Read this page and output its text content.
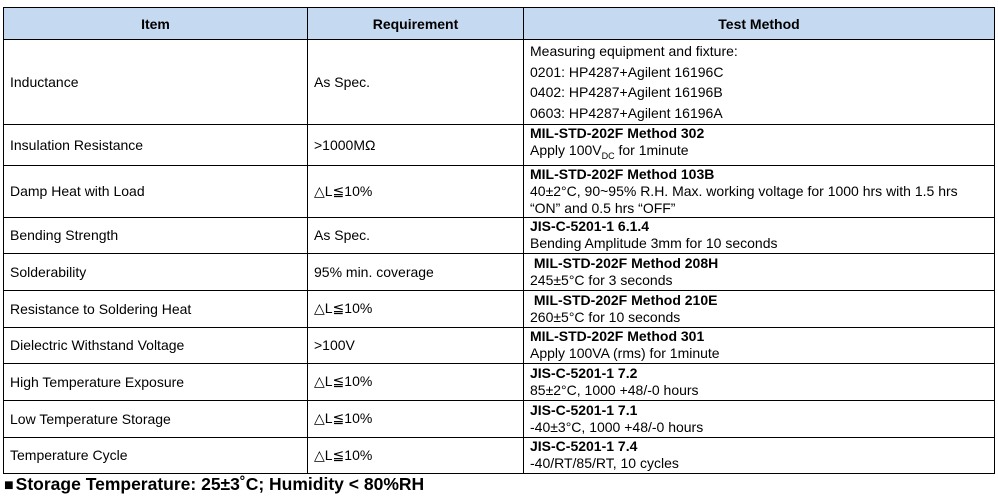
Item	Requirement	Test Method
Inductance	As Spec.	Measuring equipment and fixture:
0201: HP4287+Agilent 16196C
0402: HP4287+Agilent 16196B
0603: HP4287+Agilent 16196A

Insulation Resistance	>1000MΩ	MIL-STD-202F Method 302
Apply $100V_{DC}$ for 1minute

Damp Heat with Load	△L≦10%	MIL-STD-202F Method 103B
40±2°C, 90~95% R.H. Max. working voltage for 1000 hrs with 1.5 hrs “ON” and 0.5 hrs “OFF”

Bending Strength	As Spec.	JIS-C-5201-1 6.1.4
Bending Amplitude 3mm for 10 seconds

Solderability	95% min. coverage	MIL-STD-202F Method 208H
245±5°C for 3 seconds

Resistance to Soldering Heat	△L≦10%	MIL-STD-202F Method 210E
260±5°C for 10 seconds

Dielectric Withstand Voltage	>100V	MIL-STD-202F Method 301
Apply 100VA (rms) for 1minute

High Temperature Exposure	△L≦10%	JIS-C-5201-1 7.2
85±2°C, 1000 +48/-0 hours

Low Temperature Storage	△L≦10%	JIS-C-5201-1 7.1
-40±3°C, 1000 +48/-0 hours

Temperature Cycle	△L≦10%	JIS-C-5201-1 7.4
-40/RT/85/RT, 10 cycles
■ Storage Temperature: 25±3˚C; Humidity < 80%RH
